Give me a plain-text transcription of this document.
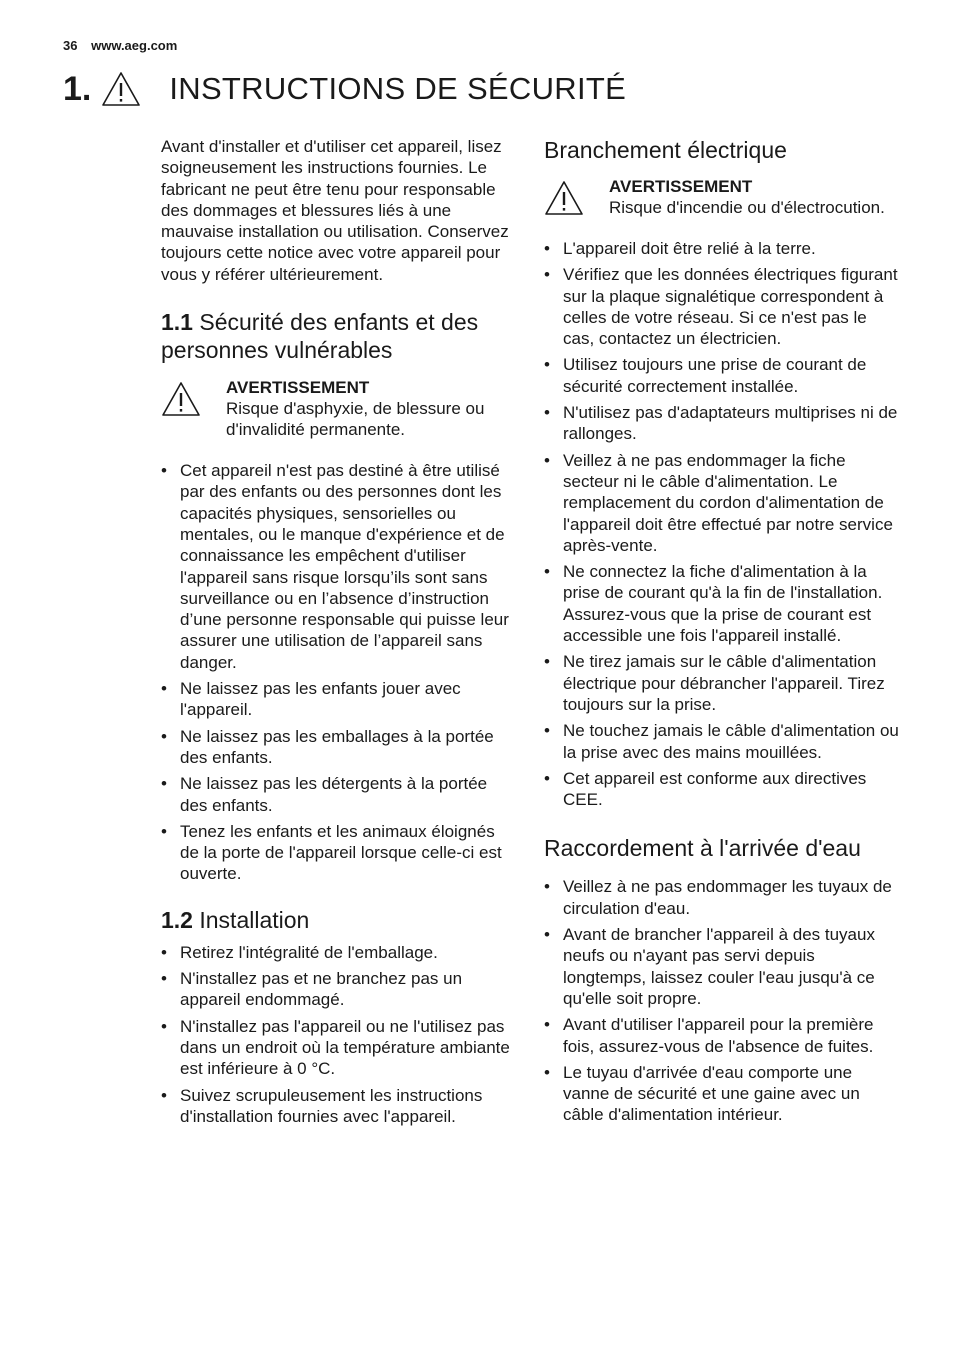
36 www.aeg.com
1.	INSTRUCTIONS DE SÉCURITÉ

Avant d'installer et d'utiliser cet appareil, lisez soigneusement les instructions fournies. Le fabricant ne peut être tenu pour responsable des dommages et blessures liés à une mauvaise installation ou utilisation. Conservez toujours cette notice avec votre appareil pour vous y référer ultérieurement.

1.1 Sécurité des enfants et des personnes vulnérables
AVERTISSEMENT
Risque d'asphyxie, de blessure ou d'invalidité permanente.
• Cet appareil n'est pas destiné à être utilisé par des enfants ou des personnes dont les capacités physiques, sensorielles ou mentales, ou le manque d'expérience et de connaissance les empêchent d'utiliser l'appareil sans risque lorsqu’ils sont sans surveillance ou en l’absence d’instruction d’une personne responsable qui puisse leur assurer une utilisation de l’appareil sans danger.
• Ne laissez pas les enfants jouer avec l'appareil.
• Ne laissez pas les emballages à la portée des enfants.
• Ne laissez pas les détergents à la portée des enfants.
• Tenez les enfants et les animaux éloignés de la porte de l'appareil lorsque celle-ci est ouverte.
1.2 Installation
• Retirez l'intégralité de l'emballage.
• N'installez pas et ne branchez pas un appareil endommagé.
• N'installez pas l'appareil ou ne l'utilisez pas dans un endroit où la température ambiante est inférieure à 0 °C.
• Suivez scrupuleusement les instructions d'installation fournies avec l'appareil.
Branchement électrique
AVERTISSEMENT
Risque d'incendie ou d'électrocution.
• L'appareil doit être relié à la terre.
• Vérifiez que les données électriques figurant sur la plaque signalétique correspondent à celles de votre réseau. Si ce n'est pas le cas, contactez un électricien.
• Utilisez toujours une prise de courant de sécurité correctement installée.
• N'utilisez pas d'adaptateurs multiprises ni de rallonges.
• Veillez à ne pas endommager la fiche secteur ni le câble d'alimentation. Le remplacement du cordon d'alimentation de l'appareil doit être effectué par notre service après-vente.
• Ne connectez la fiche d'alimentation à la prise de courant qu'à la fin de l'installation. Assurez-vous que la prise de courant est accessible une fois l'appareil installé.
• Ne tirez jamais sur le câble d'alimentation électrique pour débrancher l'appareil. Tirez toujours sur la prise.
• Ne touchez jamais le câble d'alimentation ou la prise avec des mains mouillées.
• Cet appareil est conforme aux directives CEE.
Raccordement à l'arrivée d'eau
• Veillez à ne pas endommager les tuyaux de circulation d'eau.
• Avant de brancher l'appareil à des tuyaux neufs ou n'ayant pas servi depuis longtemps, laissez couler l'eau jusqu'à ce qu'elle soit propre.
• Avant d'utiliser l'appareil pour la première fois, assurez-vous de l'absence de fuites.
• Le tuyau d'arrivée d'eau comporte une vanne de sécurité et une gaine avec un câble d'alimentation intérieur.
